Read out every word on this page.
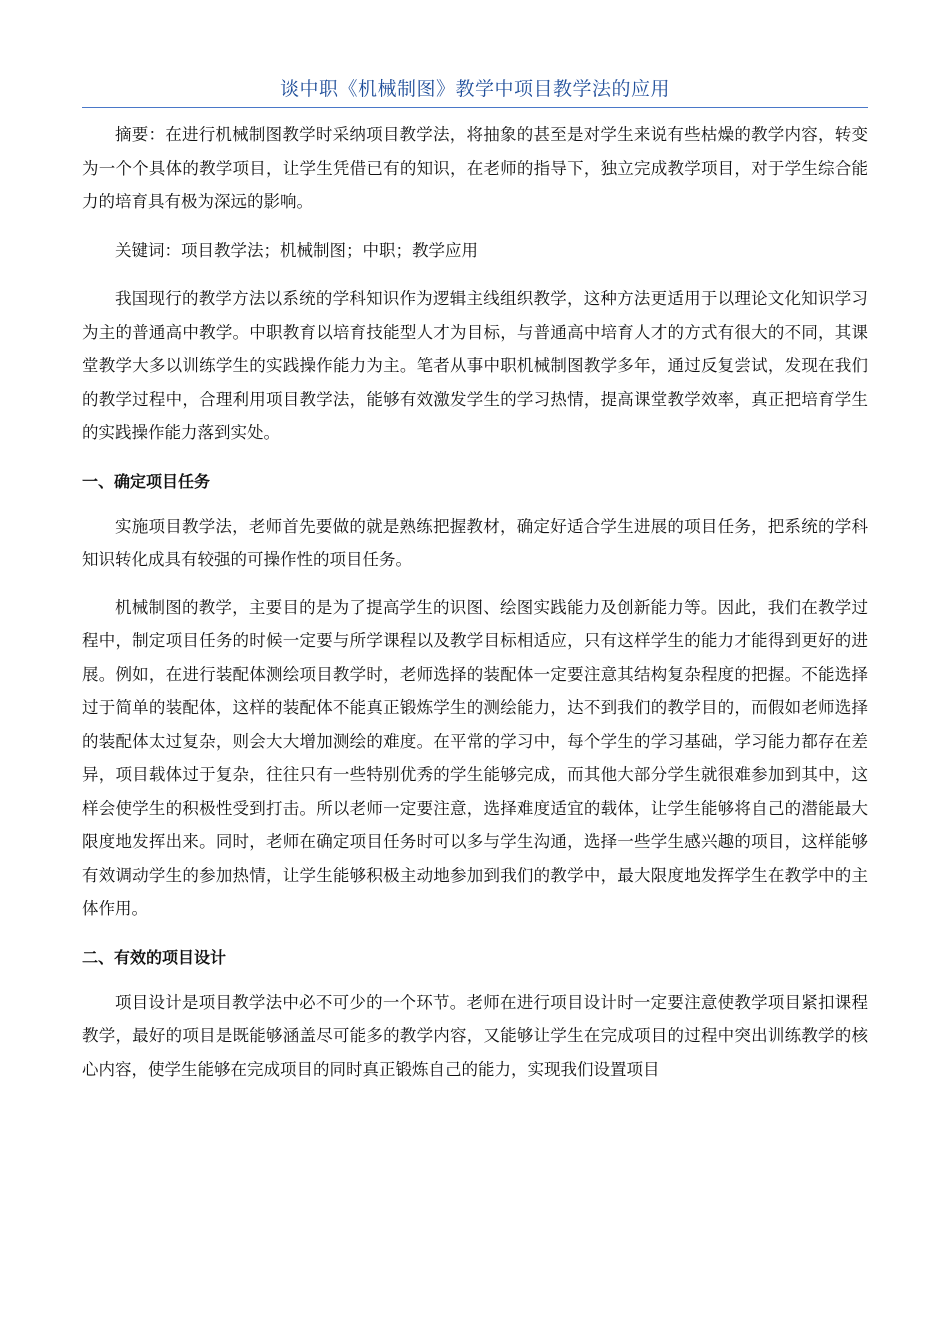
谈中职《机械制图》教学中项目教学法的应用

摘要：在进行机械制图教学时采纳项目教学法，将抽象的甚至是对学生来说有些枯燥的教学内容，转变为一个个具体的教学项目，让学生凭借已有的知识，在老师的指导下，独立完成教学项目，对于学生综合能力的培育具有极为深远的影响。

关键词：项目教学法；机械制图；中职；教学应用

我国现行的教学方法以系统的学科知识作为逻辑主线组织教学，这种方法更适用于以理论文化知识学习为主的普通高中教学。中职教育以培育技能型人才为目标，与普通高中培育人才的方式有很大的不同，其课堂教学大多以训练学生的实践操作能力为主。笔者从事中职机械制图教学多年，通过反复尝试，发现在我们的教学过程中，合理利用项目教学法，能够有效激发学生的学习热情，提高课堂教学效率，真正把培育学生的实践操作能力落到实处。

一、确定项目任务

实施项目教学法，老师首先要做的就是熟练把握教材，确定好适合学生进展的项目任务，把系统的学科知识转化成具有较强的可操作性的项目任务。

机械制图的教学，主要目的是为了提高学生的识图、绘图实践能力及创新能力等。因此，我们在教学过程中，制定项目任务的时候一定要与所学课程以及教学目标相适应，只有这样学生的能力才能得到更好的进展。例如，在进行装配体测绘项目教学时，老师选择的装配体一定要注意其结构复杂程度的把握。不能选择过于简单的装配体，这样的装配体不能真正锻炼学生的测绘能力，达不到我们的教学目的，而假如老师选择的装配体太过复杂，则会大大增加测绘的难度。在平常的学习中，每个学生的学习基础，学习能力都存在差异，项目载体过于复杂，往往只有一些特别优秀的学生能够完成，而其他大部分学生就很难参加到其中，这样会使学生的积极性受到打击。所以老师一定要注意，选择难度适宜的载体，让学生能够将自己的潜能最大限度地发挥出来。同时，老师在确定项目任务时可以多与学生沟通，选择一些学生感兴趣的项目，这样能够有效调动学生的参加热情，让学生能够积极主动地参加到我们的教学中，最大限度地发挥学生在教学中的主体作用。

二、有效的项目设计

项目设计是项目教学法中必不可少的一个环节。老师在进行项目设计时一定要注意使教学项目紧扣课程教学，最好的项目是既能够涵盖尽可能多的教学内容，又能够让学生在完成项目的过程中突出训练教学的核心内容，使学生能够在完成项目的同时真正锻炼自己的能力，实现我们设置项目
